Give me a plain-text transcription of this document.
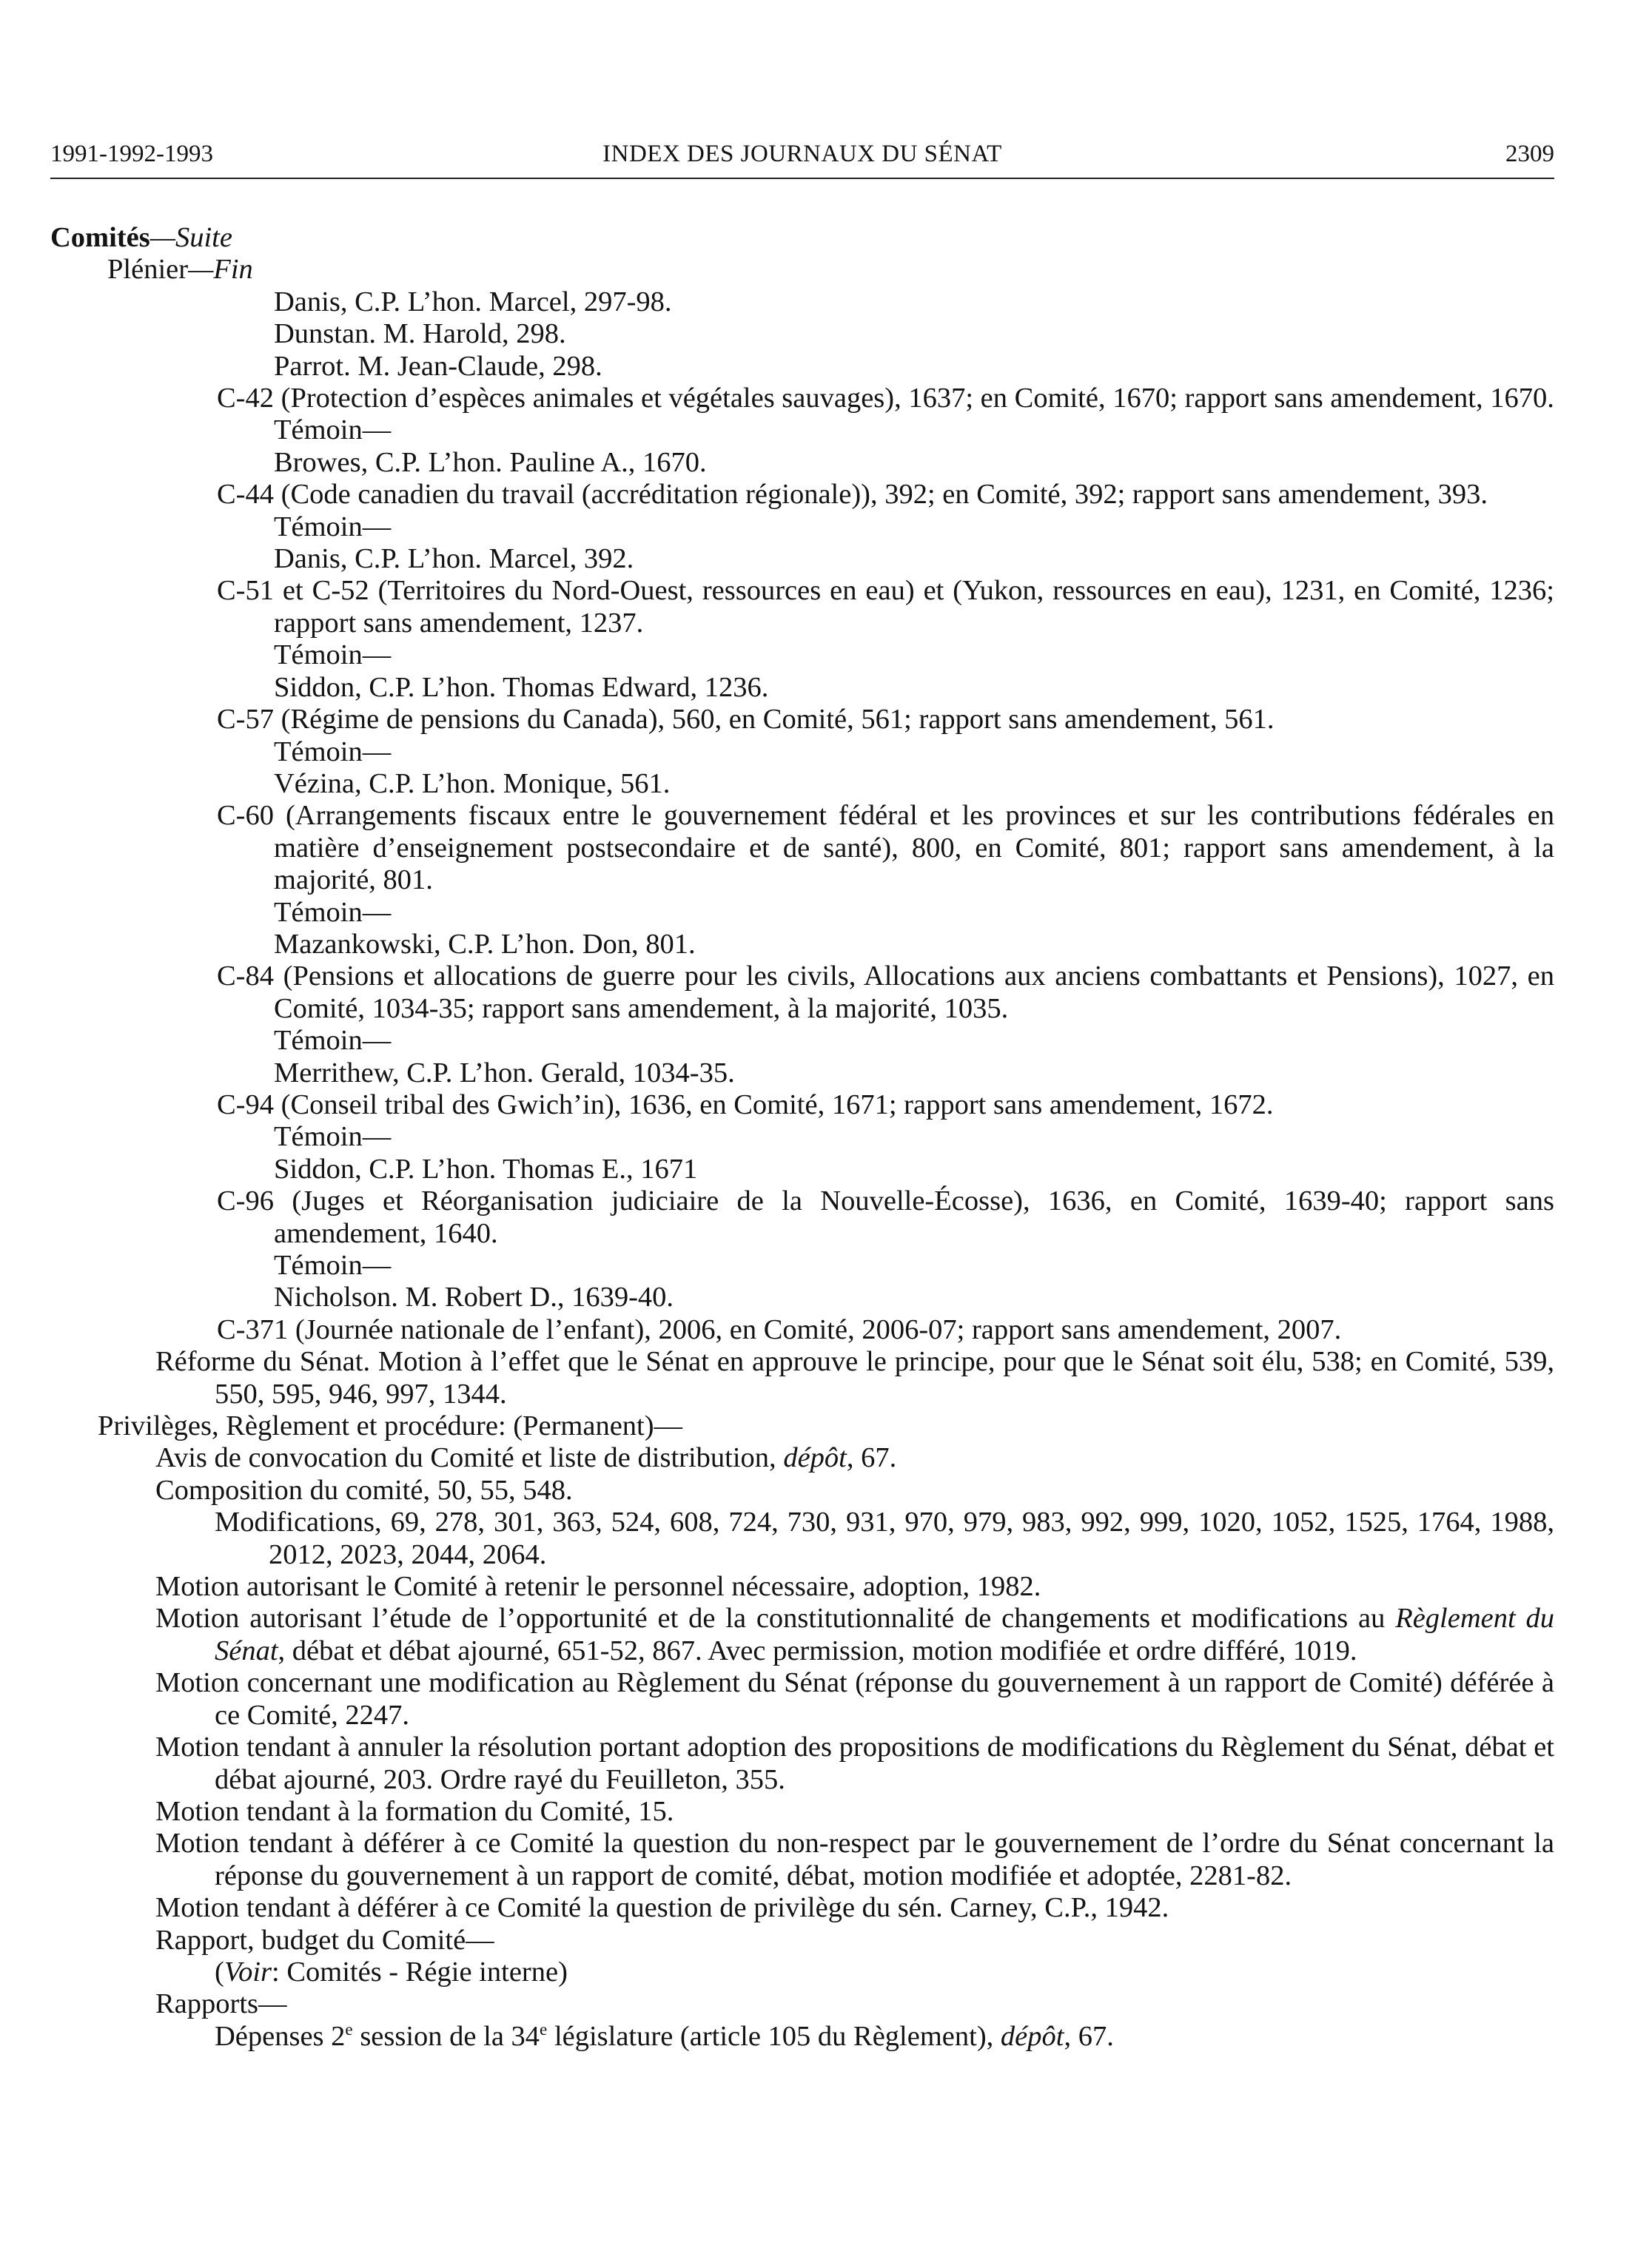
1991-1992-1993	INDEX DES JOURNAUX DU SÉNAT	2309
Comités—Suite
Plénier—Fin
Danis, C.P. L’hon. Marcel, 297-98.
Dunstan. M. Harold, 298.
Parrot. M. Jean-Claude, 298.
C-42 (Protection d’espèces animales et végétales sauvages), 1637; en Comité, 1670; rapport sans amendement, 1670.
Témoin—
Browes, C.P. L’hon. Pauline A., 1670.
C-44 (Code canadien du travail (accréditation régionale)), 392; en Comité, 392; rapport sans amendement, 393.
Témoin—
Danis, C.P. L’hon. Marcel, 392.
C-51 et C-52 (Territoires du Nord-Ouest, ressources en eau) et (Yukon, ressources en eau), 1231, en Comité, 1236; rapport sans amendement, 1237.
Témoin—
Siddon, C.P. L’hon. Thomas Edward, 1236.
C-57 (Régime de pensions du Canada), 560, en Comité, 561; rapport sans amendement, 561.
Témoin—
Vézina, C.P. L’hon. Monique, 561.
C-60 (Arrangements fiscaux entre le gouvernement fédéral et les provinces et sur les contributions fédérales en matière d’enseignement postsecondaire et de santé), 800, en Comité, 801; rapport sans amendement, à la majorité, 801.
Témoin—
Mazankowski, C.P. L’hon. Don, 801.
C-84 (Pensions et allocations de guerre pour les civils, Allocations aux anciens combattants et Pensions), 1027, en Comité, 1034-35; rapport sans amendement, à la majorité, 1035.
Témoin—
Merrithew, C.P. L’hon. Gerald, 1034-35.
C-94 (Conseil tribal des Gwich’in), 1636, en Comité, 1671; rapport sans amendement, 1672.
Témoin—
Siddon, C.P. L’hon. Thomas E., 1671
C-96 (Juges et Réorganisation judiciaire de la Nouvelle-Écosse), 1636, en Comité, 1639-40; rapport sans amendement, 1640.
Témoin—
Nicholson. M. Robert D., 1639-40.
C-371 (Journée nationale de l’enfant), 2006, en Comité, 2006-07; rapport sans amendement, 2007.
Réforme du Sénat. Motion à l’effet que le Sénat en approuve le principe, pour que le Sénat soit élu, 538; en Comité, 539, 550, 595, 946, 997, 1344.
Privilèges, Règlement et procédure: (Permanent)—
Avis de convocation du Comité et liste de distribution, dépôt, 67.
Composition du comité, 50, 55, 548.
Modifications, 69, 278, 301, 363, 524, 608, 724, 730, 931, 970, 979, 983, 992, 999, 1020, 1052, 1525, 1764, 1988, 2012, 2023, 2044, 2064.
Motion autorisant le Comité à retenir le personnel nécessaire, adoption, 1982.
Motion autorisant l’étude de l’opportunité et de la constitutionnalité de changements et modifications au Règlement du Sénat, débat et débat ajourné, 651-52, 867. Avec permission, motion modifiée et ordre différé, 1019.
Motion concernant une modification au Règlement du Sénat (réponse du gouvernement à un rapport de Comité) déférée à ce Comité, 2247.
Motion tendant à annuler la résolution portant adoption des propositions de modifications du Règlement du Sénat, débat et débat ajourné, 203. Ordre rayé du Feuilleton, 355.
Motion tendant à la formation du Comité, 15.
Motion tendant à déférer à ce Comité la question du non-respect par le gouvernement de l’ordre du Sénat concernant la réponse du gouvernement à un rapport de comité, débat, motion modifiée et adoptée, 2281-82.
Motion tendant à déférer à ce Comité la question de privilège du sén. Carney, C.P., 1942.
Rapport, budget du Comité—
(Voir: Comités - Régie interne)
Rapports—
Dépenses 2e session de la 34e législature (article 105 du Règlement), dépôt, 67.
